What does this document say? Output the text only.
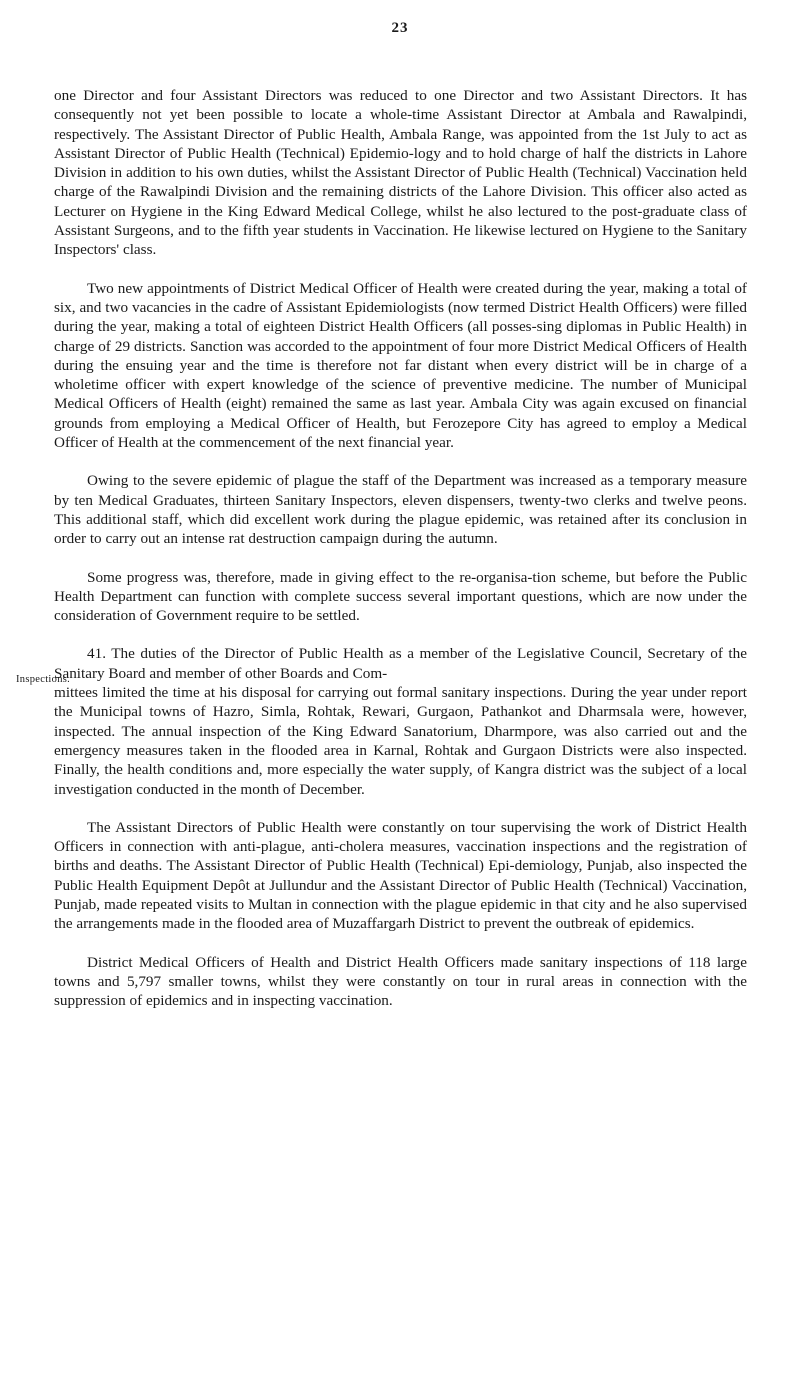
23

one Director and four Assistant Directors was reduced to one Director and two Assistant Directors. It has consequently not yet been possible to locate a whole-time Assistant Director at Ambala and Rawalpindi, respectively. The Assistant Director of Public Health, Ambala Range, was appointed from the 1st July to act as Assistant Director of Public Health (Technical) Epidemio-logy and to hold charge of half the districts in Lahore Division in addition to his own duties, whilst the Assistant Director of Public Health (Technical) Vaccination held charge of the Rawalpindi Division and the remaining districts of the Lahore Division. This officer also acted as Lecturer on Hygiene in the King Edward Medical College, whilst he also lectured to the post-graduate class of Assistant Surgeons, and to the fifth year students in Vaccination. He likewise lectured on Hygiene to the Sanitary Inspectors' class.

Two new appointments of District Medical Officer of Health were created during the year, making a total of six, and two vacancies in the cadre of Assistant Epidemiologists (now termed District Health Officers) were filled during the year, making a total of eighteen District Health Officers (all posses-sing diplomas in Public Health) in charge of 29 districts. Sanction was accorded to the appointment of four more District Medical Officers of Health during the ensuing year and the time is therefore not far distant when every district will be in charge of a wholetime officer with expert knowledge of the science of preventive medicine. The number of Municipal Medical Officers of Health (eight) remained the same as last year. Ambala City was again excused on financial grounds from employing a Medical Officer of Health, but Ferozepore City has agreed to employ a Medical Officer of Health at the commencement of the next financial year.

Owing to the severe epidemic of plague the staff of the Department was increased as a temporary measure by ten Medical Graduates, thirteen Sanitary Inspectors, eleven dispensers, twenty-two clerks and twelve peons. This additional staff, which did excellent work during the plague epidemic, was retained after its conclusion in order to carry out an intense rat destruction campaign during the autumn.

Some progress was, therefore, made in giving effect to the re-organisa-tion scheme, but before the Public Health Department can function with complete success several important questions, which are now under the consideration of Government require to be settled.

Inspections.

41. The duties of the Director of Public Health as a member of the Legislative Council, Secretary of the Sanitary Board and member of other Boards and Com-

mittees limited the time at his disposal for carrying out formal sanitary inspections. During the year under report the Municipal towns of Hazro, Simla, Rohtak, Rewari, Gurgaon, Pathankot and Dharmsala were, however, inspected. The annual inspection of the King Edward Sanatorium, Dharmpore, was also carried out and the emergency measures taken in the flooded area in Karnal, Rohtak and Gurgaon Districts were also inspected. Finally, the health conditions and, more especially the water supply, of Kangra district was the subject of a local investigation conducted in the month of December.

The Assistant Directors of Public Health were constantly on tour supervising the work of District Health Officers in connection with anti-plague, anti-cholera measures, vaccination inspections and the registration of births and deaths. The Assistant Director of Public Health (Technical) Epi-demiology, Punjab, also inspected the Public Health Equipment Depôt at Jullundur and the Assistant Director of Public Health (Technical) Vaccination, Punjab, made repeated visits to Multan in connection with the plague epidemic in that city and he also supervised the arrangements made in the flooded area of Muzaffargarh District to prevent the outbreak of epidemics.

District Medical Officers of Health and District Health Officers made sanitary inspections of 118 large towns and 5,797 smaller towns, whilst they were constantly on tour in rural areas in connection with the suppression of epidemics and in inspecting vaccination.
